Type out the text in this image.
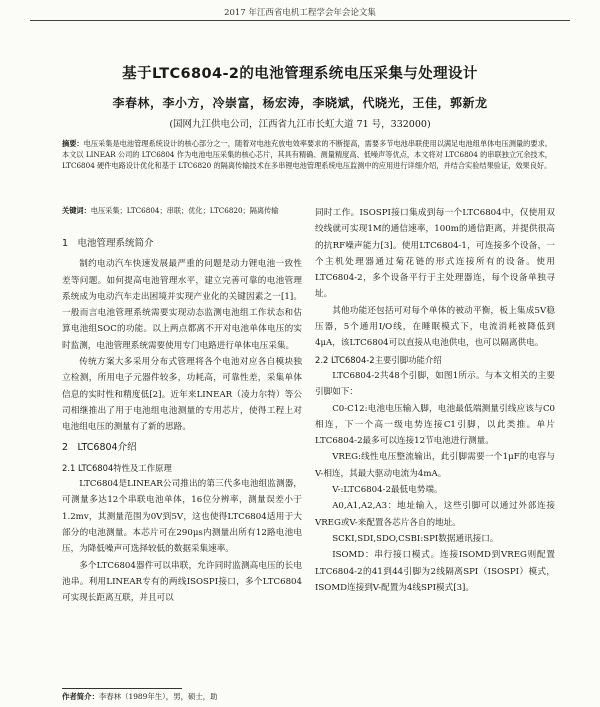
2017 年江西省电机工程学会年会论文集
基于LTC6804-2的电池管理系统电压采集与处理设计
李春林，李小方，冷崇富，杨宏涛，李晓斌，代晓光，王佳，郭新龙
(国网九江供电公司，江西省九江市长虹大道 71 号，332000)
摘要：电压采集是电池管理系统设计的核心部分之一，随着对电池充放电效率要求的不断提高，需要多节电池串联使用以满足电池组单体电压测量的要求。本文以 LINEAR 公司的 LTC6804 作为电池电压采集的核心芯片，其具有精确、测量精度高、低噪声等优点，本文将对 LTC6804 的串联独立冗余技术，LTC6804 硬件电路设计优化和基于 LTC6820 的隔离传输技术在多串锂电池管理系统电压监测中的应用进行详细介绍，并结合实验结果验证，效果良好。
关键词：电压采集；LTC6804；串联；优化；LTC6820；隔离传输
1　电池管理系统简介

制约电动汽车快速发展最严重的问题是动力锂电池一致性差等问题。如何提高电池管理水平，建立完善可靠的电池管理系统成为电动汽车走出困境并实现产业化的关键因素之一[1]。一般而言电池管理系统需要实现动态监测电池组工作状态和估算电池组SOC的功能。以上两点都离不开对电池单体电压的实时监测，电池管理系统需要使用专门电路进行单体电压采集。

传统方案大多采用分布式管理将各个电池对应各自模块独立检测，所用电子元器件较多，功耗高，可靠性差，采集单体信息的实时性和精度低[2]。近年来LINEAR（凌力尔特）等公司相继推出了用于电池组电池测量的专用芯片，使得工程上对电池组电压的测量有了新的思路。

2　LTC6804介绍
2.1 LTC6804特性及工作原理

LTC6804是LINEAR公司推出的第三代多电池组监测器，可测量多达12个串联电池单体，16位分辨率，测量误差小于1.2mv，其测量范围为0V到5V，这也使得LTC6804适用于大部分的电池测量。本芯片可在290μs内测量出所有12路电池电压，为降低噪声可选择较低的数据采集速率。

多个LTC6804器件可以串联，允许同时监测高电压的长电池串。利用LINEAR专有的两线ISOSPI接口，多个LTC6804可实现长距离互联，并且可以

同时工作。ISOSPI接口集成到每一个LTC6804中，仅使用双绞线就可实现1M的通信速率，100m的通信距离，并提供很高的抗RF噪声能力[3]。使用LTC6804-1，可连接多个设备，一个主机处理器通过菊花链的形式连接所有的设备。使用LTC6804-2，多个设备平行于主处理器连，每个设备单独寻址。

其他功能还包括可对每个单体的被动平衡，板上集成5V稳压器，5个通用I/O线，在睡眠模式下，电流消耗被降低到4μA，该LTC6804可以直接从电池供电，也可以隔离供电。

2.2 LTC6804-2主要引脚功能介绍

LTC6804-2共48个引脚，如图1所示。与本文相关的主要引脚如下：

C0-C12:电池电压输入脚，电池最低端测量引线应该与C0相连，下一个高一级电势连接C1引脚，以此类推。单片LTC6804-2最多可以连接12节电池进行测量。

VREG:线性电压整流输出，此引脚需要一个1μF的电容与V-相连，其最大驱动电流为4mA。

V-:LTC6804-2最低电势端。

A0,A1,A2,A3：地址输入，这些引脚可以通过外部连接VREG或V-来配置各芯片各自的地址。

SCKI,SDI,SDO,CSBI:SPI数据通讯接口。

ISOMD：串行接口模式。连接ISOMD到VREG则配置LTC6804-2的41到44引脚为2线隔离SPI（ISOSPI）模式，ISOMD连接到V-配置为4线SPI模式[3]。

作者简介：李春林（1989年生），男，硕士，助
